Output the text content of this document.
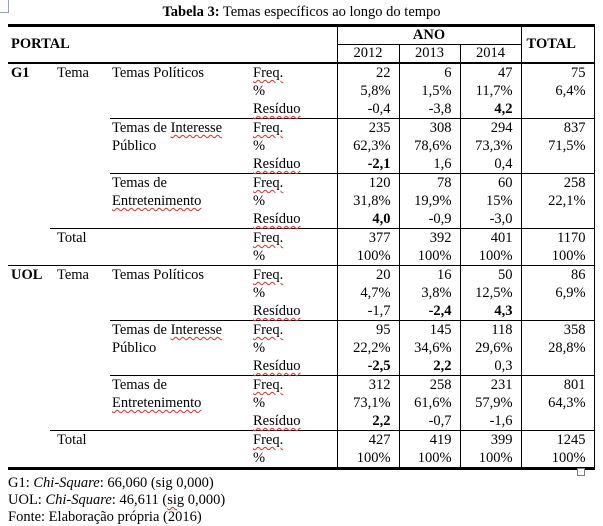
Tabela 3: Temas específicos ao longo do tempo
PORTAL				ANO			TOTAL
				2012	2013	2014	
G1	Tema	Temas Políticos	Freq.	22	6	47	75
			%	5,8%	1,5%	11,7%	6,4%
			Resíduo	-0,4	-3,8	4,2	
		Temas de Interesse	Freq.	235	308	294	837
		Público	%	62,3%	78,6%	73,3%	71,5%
			Resíduo	-2,1	1,6	0,4	
		Temas de	Freq.	120	78	60	258
		Entretenimento	%	31,8%	19,9%	15%	22,1%
			Resíduo	4,0	-0,9	-3,0	
	Total		Freq.	377	392	401	1170
			%	100%	100%	100%	100%
UOL	Tema	Temas Políticos	Freq.	20	16	50	86
			%	4,7%	3,8%	12,5%	6,9%
			Resíduo	-1,7	-2,4	4,3	
		Temas de Interesse	Freq.	95	145	118	358
		Público	%	22,2%	34,6%	29,6%	28,8%
			Resíduo	-2,5	2,2	0,3	
		Temas de	Freq.	312	258	231	801
		Entretenimento	%	73,1%	61,6%	57,9%	64,3%
			Resíduo	2,2	-0,7	-1,6	
	Total		Freq.	427	419	399	1245
			%	100%	100%	100%	100%
G1: Chi-Square: 66,060 (sig 0,000)
UOL: Chi-Square: 46,611 (sig 0,000)
Fonte: Elaboração própria (2016)
